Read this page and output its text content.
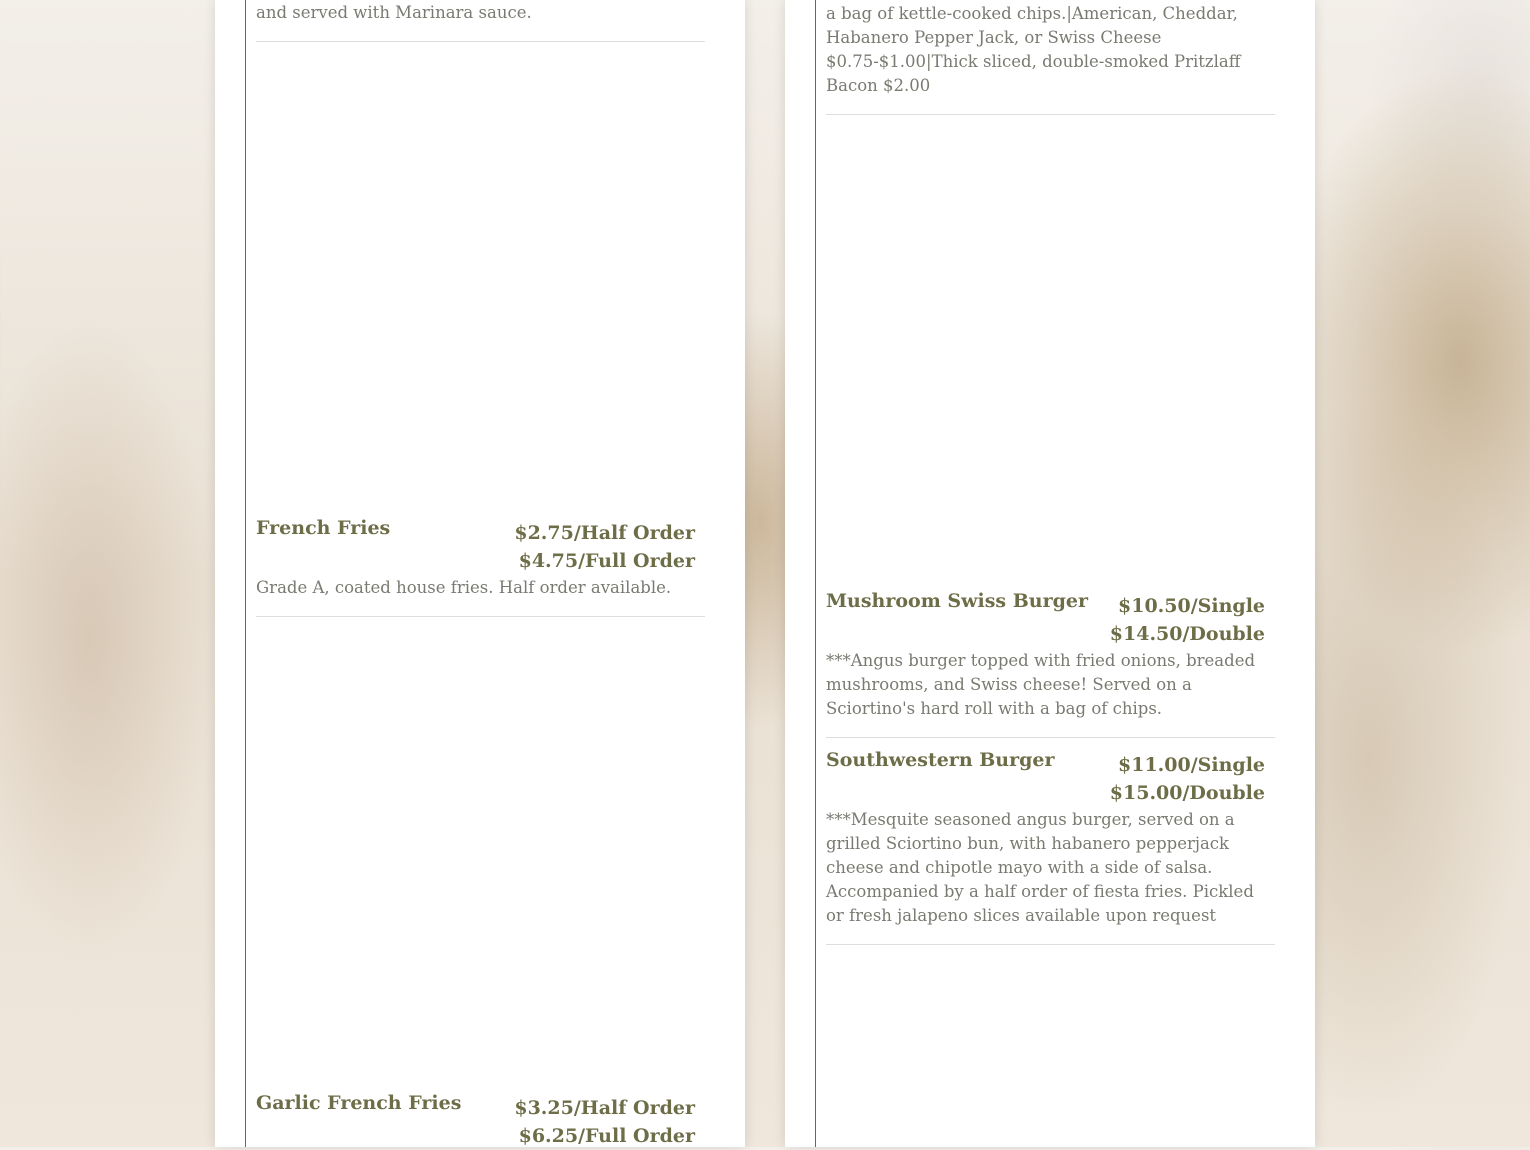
and served with Marinara sauce.

French Fries	$2.75/Half Order
$4.75/Full Order

Grade A, coated house fries. Half order available.

Garlic French Fries	$3.25/Half Order
$6.25/Full Order
a bag of kettle-cooked chips.|American, Cheddar,
Habanero Pepper Jack, or Swiss Cheese
$0.75-$1.00|Thick sliced, double-smoked Pritzlaff
Bacon $2.00
Mushroom Swiss Burger	$10.50/Single
$14.50/Double

***Angus burger topped with fried onions, breaded mushrooms, and Swiss cheese! Served on a Sciortino's hard roll with a bag of chips.

Southwestern Burger	$11.00/Single
$15.00/Double

***Mesquite seasoned angus burger, served on a grilled Sciortino bun, with habanero pepperjack cheese and chipotle mayo with a side of salsa. Accompanied by a half order of fiesta fries. Pickled or fresh jalapeno slices available upon request
